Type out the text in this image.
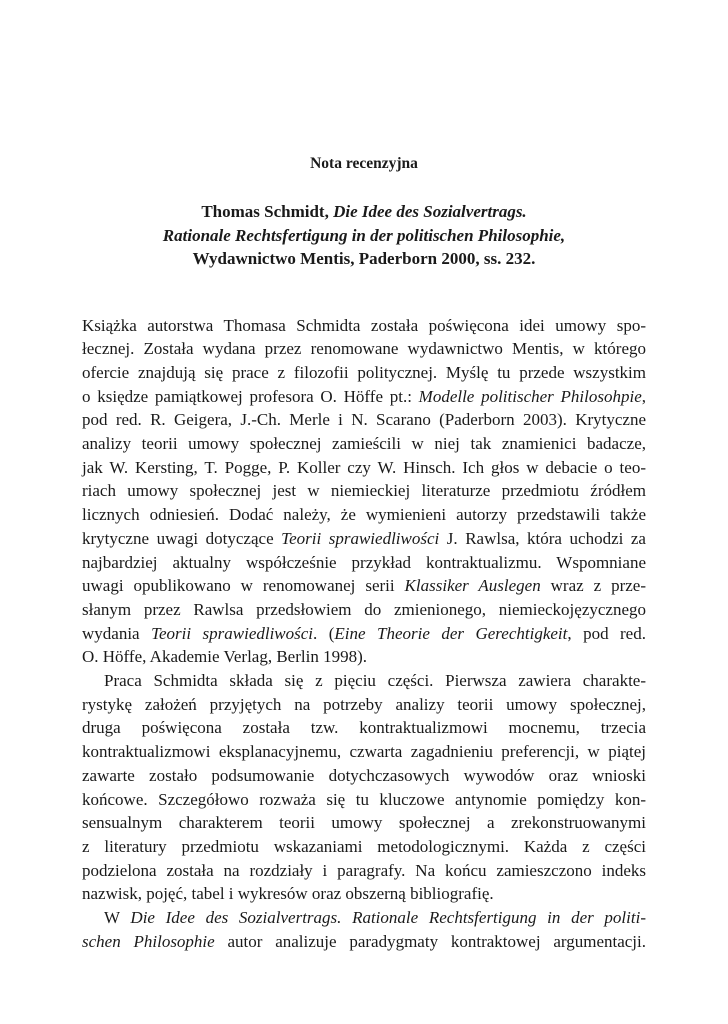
Nota recenzyjna

Thomas Schmidt, Die Idee des Sozialvertrags.
Rationale Rechtsfertigung in der politischen Philosophie,
Wydawnictwo Mentis, Paderborn 2000, ss. 232.

Książka autorstwa Thomasa Schmidta została poświęcona idei umowy spo-
łecznej. Została wydana przez renomowane wydawnictwo Mentis, w którego
ofercie znajdują się prace z filozofii politycznej. Myślę tu przede wszystkim
o księdze pamiątkowej profesora O. Höffe pt.: Modelle politischer Philosohpie,
pod red. R. Geigera, J.-Ch. Merle i N. Scarano (Paderborn 2003). Krytyczne
analizy teorii umowy społecznej zamieścili w niej tak znamienici badacze,
jak W. Kersting, T. Pogge, P. Koller czy W. Hinsch. Ich głos w debacie o teo-
riach umowy społecznej jest w niemieckiej literaturze przedmiotu źródłem
licznych odniesień. Dodać należy, że wymienieni autorzy przedstawili także
krytyczne uwagi dotyczące Teorii sprawiedliwości J. Rawlsa, która uchodzi za
najbardziej aktualny współcześnie przykład kontraktualizmu. Wspomniane
uwagi opublikowano w renomowanej serii Klassiker Auslegen wraz z prze-
słanym przez Rawlsa przedsłowiem do zmienionego, niemieckojęzycznego
wydania Teorii sprawiedliwości. (Eine Theorie der Gerechtigkeit, pod red.
O. Höffe, Akademie Verlag, Berlin 1998).

Praca Schmidta składa się z pięciu części. Pierwsza zawiera charakte-
rystykę założeń przyjętych na potrzeby analizy teorii umowy społecznej,
druga poświęcona została tzw. kontraktualizmowi mocnemu, trzecia
kontraktualizmowi eksplanacyjnemu, czwarta zagadnieniu preferencji, w piątej
zawarte zostało podsumowanie dotychczasowych wywodów oraz wnioski
końcowe. Szczegółowo rozważa się tu kluczowe antynomie pomiędzy kon-
sensualnym charakterem teorii umowy społecznej a zrekonstruowanymi
z literatury przedmiotu wskazaniami metodologicznymi. Każda z części
podzielona została na rozdziały i paragrafy. Na końcu zamieszczono indeks
nazwisk, pojęć, tabel i wykresów oraz obszerną bibliografię.

W Die Idee des Sozialvertrags. Rationale Rechtsfertigung in der politi-
schen Philosophie autor analizuje paradygmaty kontraktowej argumentacji.
